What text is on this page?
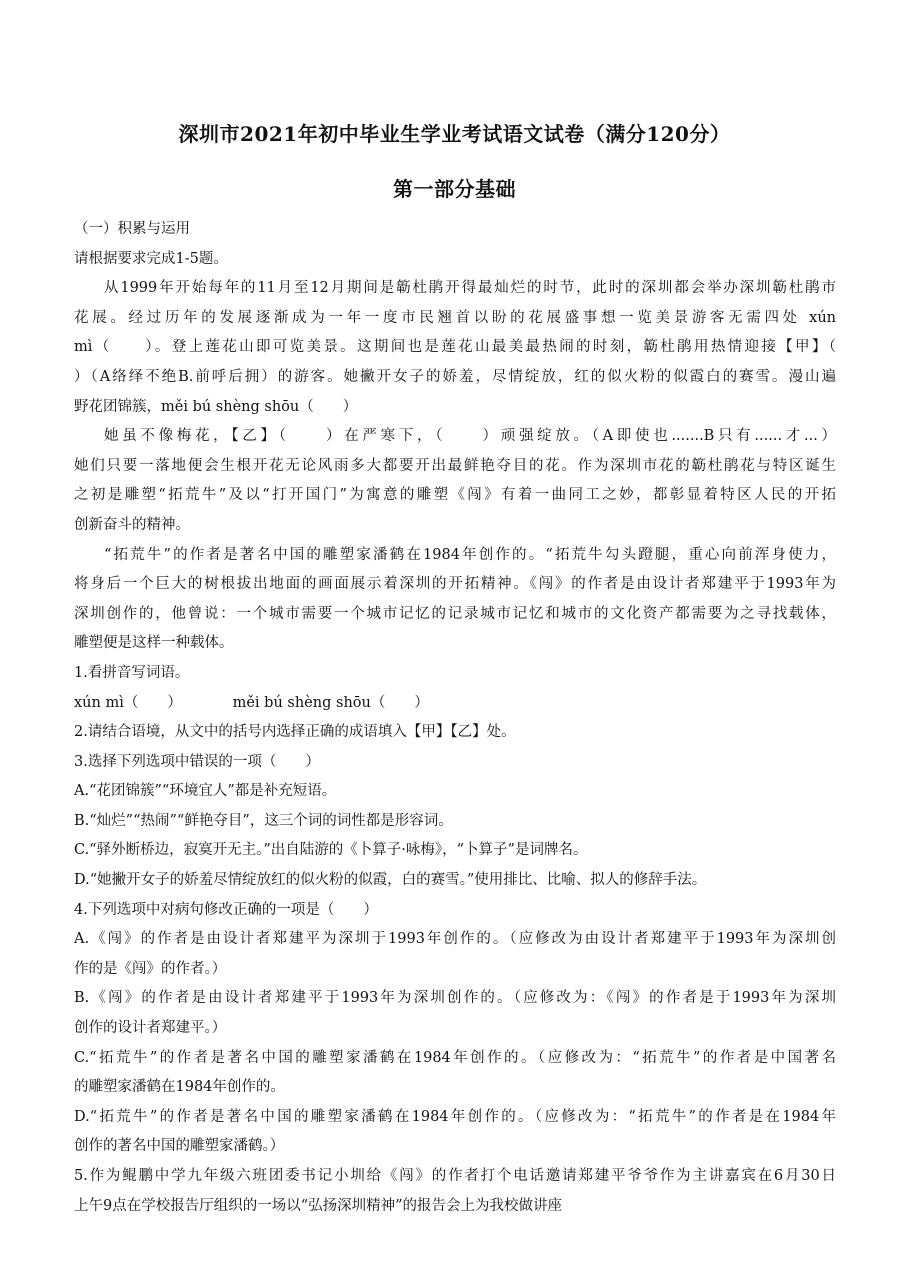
深圳市2021年初中毕业生学业考试语文试卷（满分120分）
第一部分基础
（一）积累与运用
请根据要求完成1-5题。
从1999年开始每年的11月至12月期间是簕杜鹃开得最灿烂的时节，此时的深圳都会举办深圳簕杜鹃市
花展。经过历年的发展逐渐成为一年一度市民翘首以盼的花展盛事想一览美景游客无需四处 xún
mì（　　）。登上莲花山即可览美景。这期间也是莲花山最美最热闹的时刻，簕杜鹃用热情迎接【甲】（
）（A络绎不绝B.前呼后拥）的游客。她撇开女子的娇羞，尽情绽放，红的似火粉的似霞白的赛雪。漫山遍
野花团锦簇，měi bú shèng shōu（　　）
她虽不像梅花，【乙】（　　）在严寒下，（　　）顽强绽放。（A即使也.......B只有......才...）
她们只要一落地便会生根开花无论风雨多大都要开出最鲜艳夺目的花。作为深圳市花的簕杜鹃花与特区诞生
之初是雕塑“拓荒牛”及以“打开国门”为寓意的雕塑《闯》有着一曲同工之妙，都彰显着特区人民的开拓
创新奋斗的精神。
“拓荒牛”的作者是著名中国的雕塑家潘鹤在1984年创作的。“拓荒牛勾头蹬腿，重心向前浑身使力，
将身后一个巨大的树根拔出地面的画面展示着深圳的开拓精神。《闯》的作者是由设计者郑建平于1993年为
深圳创作的，他曾说：一个城市需要一个城市记忆的记录城市记忆和城市的文化资产都需要为之寻找载体，
雕塑便是这样一种载体。
1.看拼音写词语。
xún mì（　　）　　　　měi bú shèng shōu（　　）
2.请结合语境，从文中的括号内选择正确的成语填入【甲】【乙】处。
3.选择下列选项中错误的一项（　　）
A.“花团锦簇”“环境宜人”都是补充短语。
B.“灿烂”“热闹”“鲜艳夺目”，这三个词的词性都是形容词。
C.“驿外断桥边，寂寞开无主。”出自陆游的《卜算子·咏梅》，“卜算子”是词牌名。
D.“她撇开女子的娇羞尽情绽放红的似火粉的似霞，白的赛雪。”使用排比、比喻、拟人的修辞手法。
4.下列选项中对病句修改正确的一项是（　　）
A.《闯》的作者是由设计者郑建平为深圳于1993年创作的。（应修改为由设计者郑建平于1993年为深圳创
作的是《闯》的作者。）
B.《闯》的作者是由设计者郑建平于1993年为深圳创作的。（应修改为：《闯》的作者是于1993年为深圳
创作的设计者郑建平。）
C.“拓荒牛”的作者是著名中国的雕塑家潘鹤在1984年创作的。（应修改为：“拓荒牛”的作者是中国著名
的雕塑家潘鹤在1984年创作的。
D.“拓荒牛”的作者是著名中国的雕塑家潘鹤在1984年创作的。（应修改为：“拓荒牛”的作者是在1984年
创作的著名中国的雕塑家潘鹤。）
5.作为鲲鹏中学九年级六班团委书记小圳给《闯》的作者打个电话邀请郑建平爷爷作为主讲嘉宾在6月30日
上午9点在学校报告厅组织的一场以“弘扬深圳精神”的报告会上为我校做讲座
